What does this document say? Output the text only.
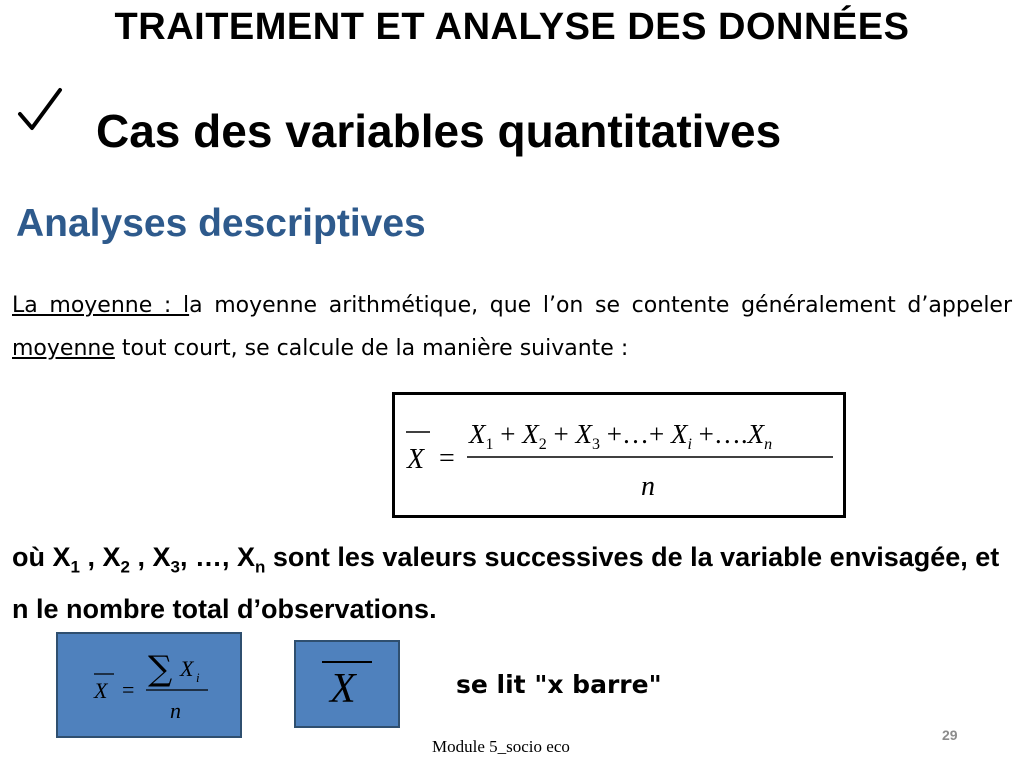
TRAITEMENT ET ANALYSE DES DONNÉES
Cas des variables quantitatives
Analyses descriptives
La moyenne : la moyenne arithmétique, que l’on se contente généralement d’appeler moyenne tout court, se calcule de la manière suivante :
X =
$X_1 + X_2 + X_3$ +…+ $X_i$ $+\dots.X_n$
n
où $X_1$ , $X_2$ , $X_3$, …, $X_n$ sont les valeurs successives de la variable envisagée, et n le nombre total d’observations.
X =
∑ X i
n	X	se lit "x barre"
Module 5_socio eco
29
